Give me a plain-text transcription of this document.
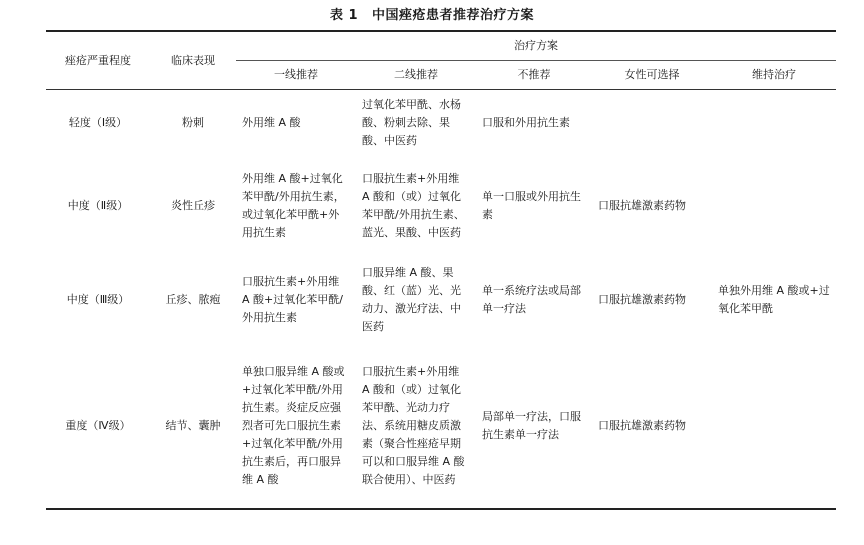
表 1 中国痤疮患者推荐治疗方案
痤疮严重程度	临床表现	治疗方案				
		一线推荐	二线推荐	不推荐	女性可选择	维持治疗
轻度（Ⅰ级）	粉刺	外用维 A 酸	过氧化苯甲酰、水杨酸、粉刺去除、果酸、中医药	口服和外用抗生素		
中度（Ⅱ级）	炎性丘疹	外用维 A 酸+过氧化苯甲酰/外用抗生素，或过氧化苯甲酰+外用抗生素	口服抗生素+外用维 A 酸和（或）过氧化苯甲酰/外用抗生素、蓝光、果酸、中医药	单一口服或外用抗生素	口服抗雄激素药物	
中度（Ⅲ级）	丘疹、脓疱	口服抗生素+外用维 A 酸+过氧化苯甲酰/外用抗生素	口服异维 A 酸、果酸、红（蓝）光、光动力、激光疗法、中医药	单一系统疗法或局部单一疗法	口服抗雄激素药物	单独外用维 A 酸或+过氧化苯甲酰
重度（Ⅳ级）	结节、囊肿	单独口服异维 A 酸或+过氧化苯甲酰/外用抗生素。炎症反应强烈者可先口服抗生素+过氧化苯甲酰/外用抗生素后，再口服异维 A 酸	口服抗生素+外用维 A 酸和（或）过氧化苯甲酰、光动力疗法、系统用糖皮质激素（聚合性痤疮早期可以和口服异维 A 酸联合使用）、中医药	局部单一疗法，口服抗生素单一疗法	口服抗雄激素药物	
